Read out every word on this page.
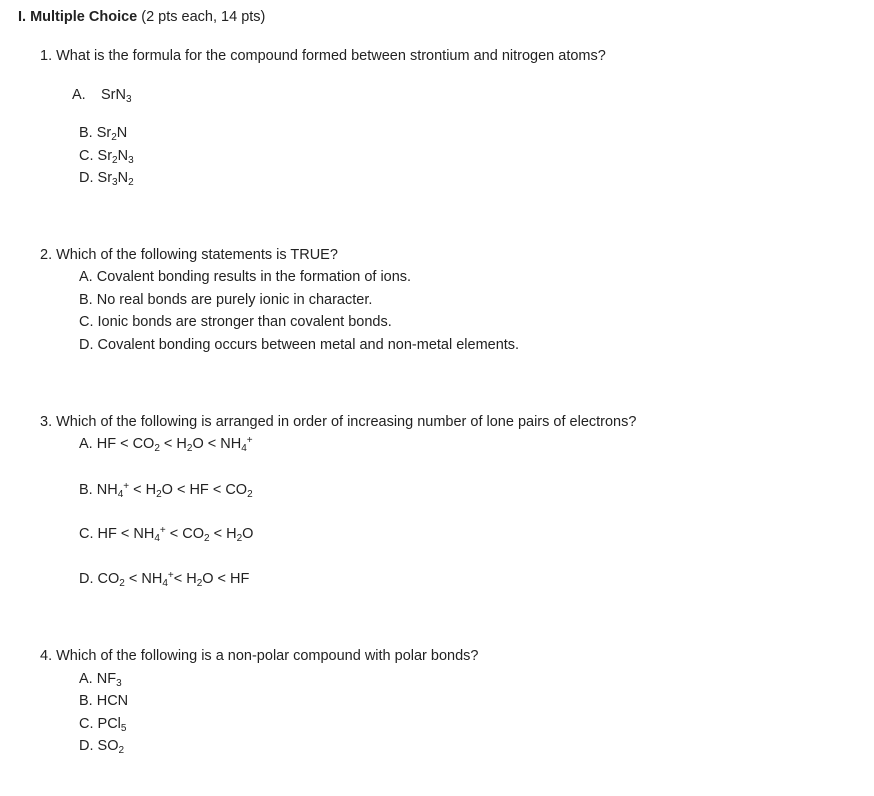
I. Multiple Choice (2 pts each, 14 pts)
1. What is the formula for the compound formed between strontium and nitrogen atoms?
A. SrN$_3$
B. $Sr_2N$
C. $Sr_2N_3$
D. $Sr_3N_2$
2. Which of the following statements is TRUE?
A. Covalent bonding results in the formation of ions.
B. No real bonds are purely ionic in character.
C. Ionic bonds are stronger than covalent bonds.
D. Covalent bonding occurs between metal and non-metal elements.
3. Which of the following is arranged in order of increasing number of lone pairs of electrons?
A. HF < $CO_2 < H_2O < NH_4^+$
B. $NH_4^+ < H_2O$ < HF < $CO_2$
C. HF < $NH_4^+ < CO_2 < H_2O$
D. $CO_2 < NH_4^+< H_2O$ < HF
4. Which of the following is a non-polar compound with polar bonds?
A. $NF_3$
B. HCN
C. PCl$_5$
D. $SO_2$
